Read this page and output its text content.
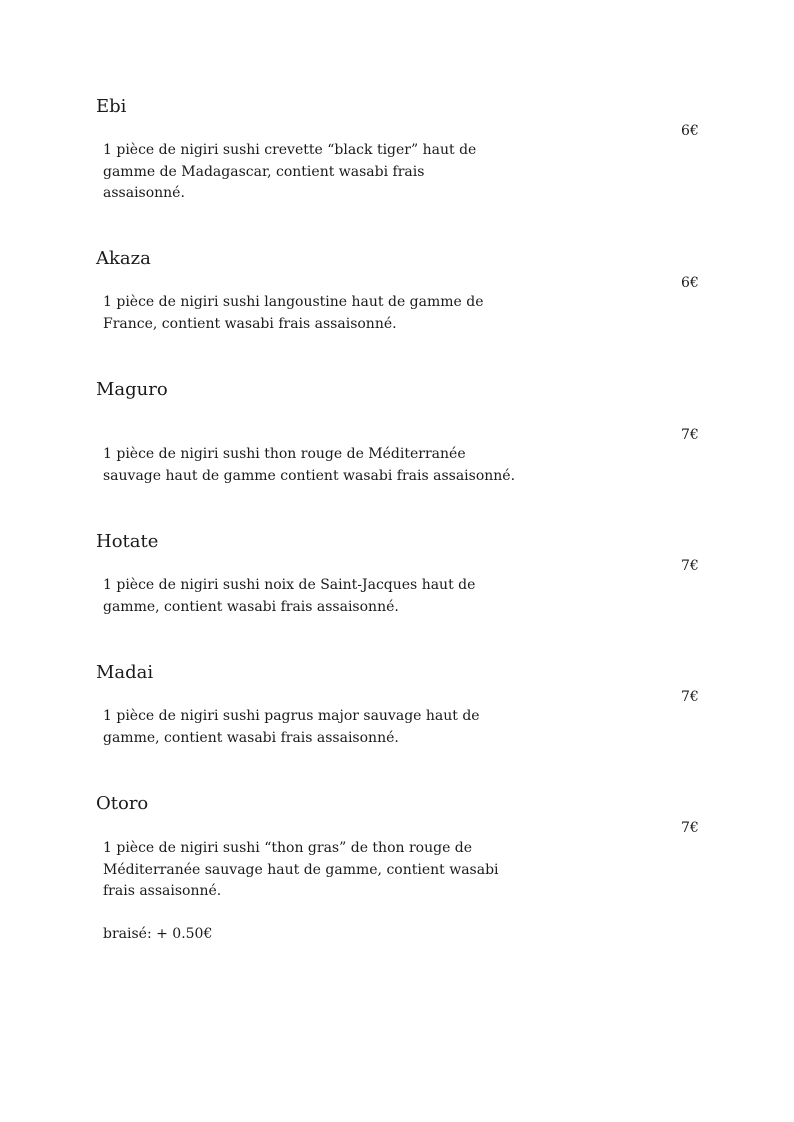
Ebi
6€

1 pièce de nigiri sushi crevette “black tiger” haut de
gamme de Madagascar, contient wasabi frais
assaisonné.

Akaza
6€

1 pièce de nigiri sushi langoustine haut de gamme de
France, contient wasabi frais assaisonné.

Maguro
7€

1 pièce de nigiri sushi thon rouge de Méditerranée
sauvage haut de gamme contient wasabi frais assaisonné.

Hotate
7€

1 pièce de nigiri sushi noix de Saint-Jacques haut de
gamme, contient wasabi frais assaisonné.

Madai
7€

1 pièce de nigiri sushi pagrus major sauvage haut de
gamme, contient wasabi frais assaisonné.

Otoro
7€

1 pièce de nigiri sushi “thon gras” de thon rouge de
Méditerranée sauvage haut de gamme, contient wasabi
frais assaisonné.

braisé: + 0.50€
